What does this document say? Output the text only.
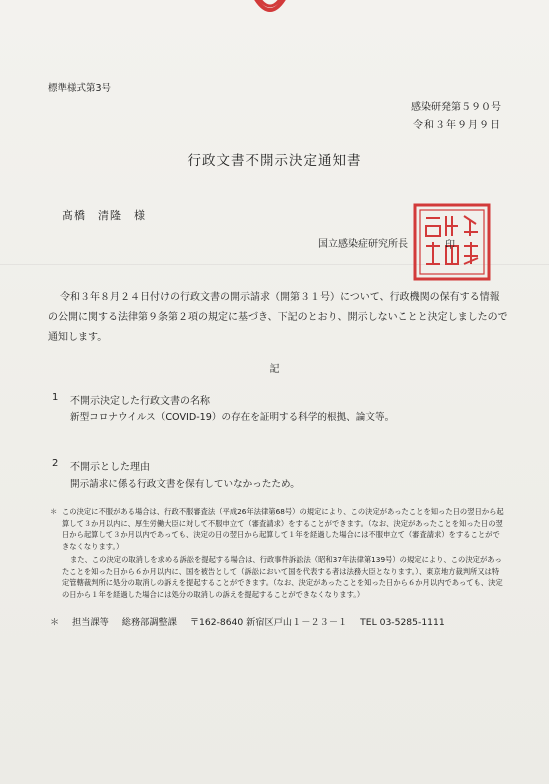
標準様式第3号
感染研発第５９０号
令和３年９月９日
行政文書不開示決定通知書
髙橋　清隆　様
国立感染症研究所長	印
令和３年８月２４日付けの行政文書の開示請求（開第３１号）について、行政機関の保有する情報の公開に関する法律第９条第２項の規定に基づき、下記のとおり、開示しないことと決定しましたので通知します。
記
1 不開示決定した行政文書の名称
新型コロナウイルス（COVID-19）の存在を証明する科学的根拠、論文等。
2 不開示とした理由
開示請求に係る行政文書を保有していなかったため。
＊ この決定に不服がある場合は、行政不服審査法（平成26年法律第68号）の規定により、この決定があったことを知った日の翌日から起算して３か月以内に、厚生労働大臣に対して不服申立て（審査請求）をすることができます。（なお、決定があったことを知った日の翌日から起算して３か月以内であっても、決定の日の翌日から起算して１年を経過した場合には不服申立て（審査請求）をすることができなくなります。）

また、この決定の取消しを求める訴訟を提起する場合は、行政事件訴訟法（昭和37年法律第139号）の規定により、この決定があったことを知った日から６か月以内に、国を被告として（訴訟において国を代表する者は法務大臣となります。）、東京地方裁判所又は特定管轄裁判所に処分の取消しの訴えを提起することができます。（なお、決定があったことを知った日から６か月以内であっても、決定の日から１年を経過した場合には処分の取消しの訴えを提起することができなくなります。）

＊ 担当課等 総務部調整課 〒162-8640 新宿区戸山１－２３－１ TEL 03-5285-1111
